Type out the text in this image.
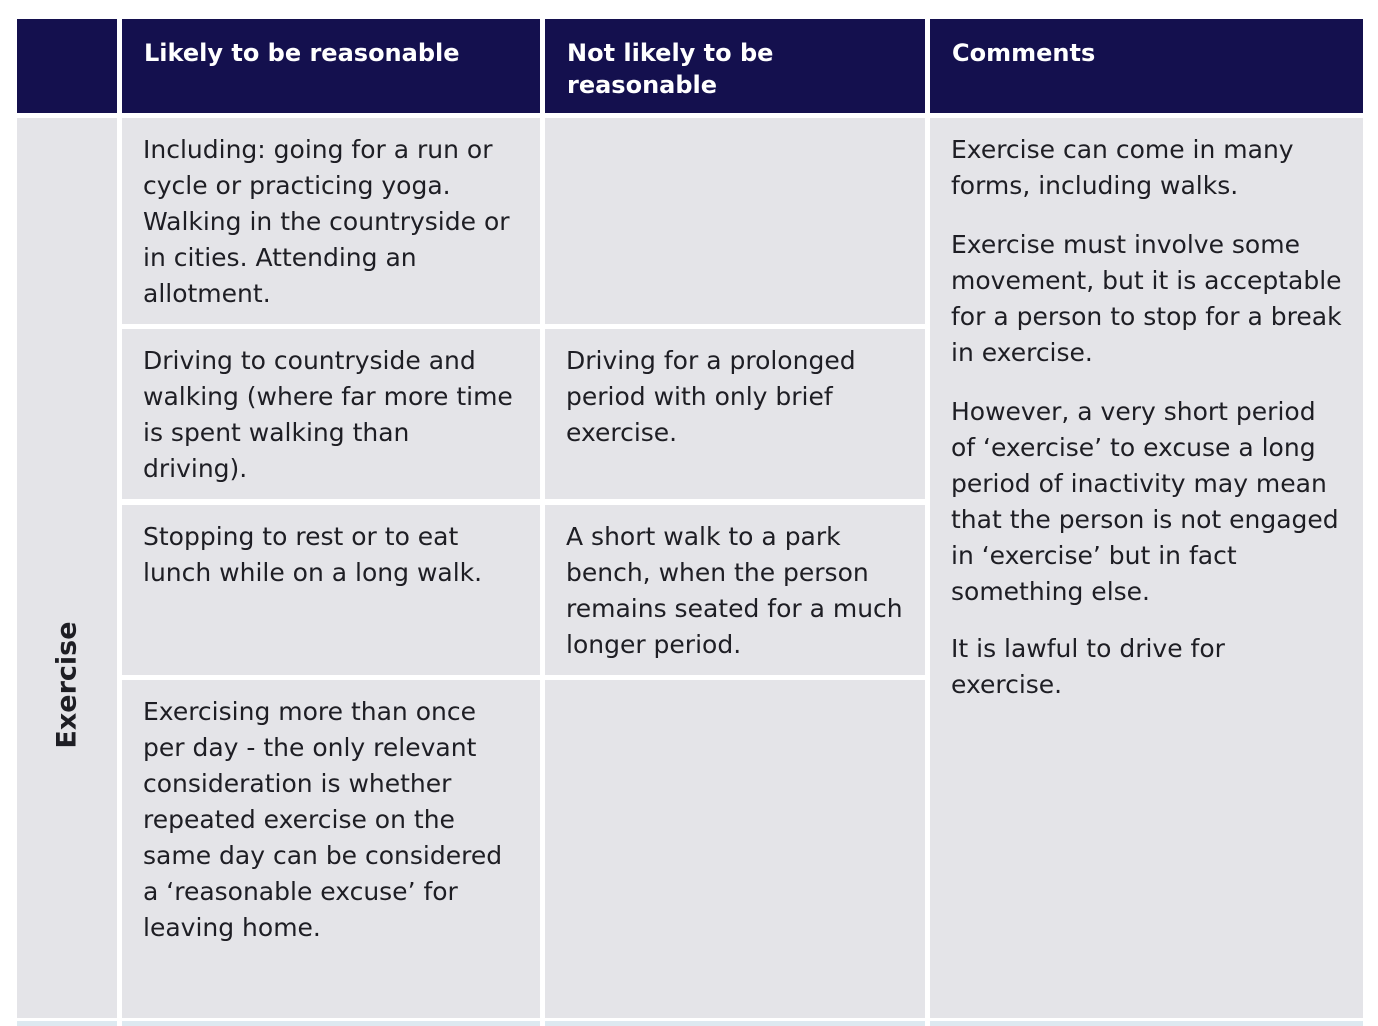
Likely to be reasonable	Not likely to be reasonable
Comments
Exercise
Including: going for a run or cycle or practicing yoga. Walking in the countryside or in cities. Attending an allotment.
Driving to countryside and walking (where far more time is spent walking than driving).
Stopping to rest or to eat lunch while on a long walk.
Exercising more than once per day - the only relevant consideration is whether repeated exercise on the same day can be considered a ‘reasonable excuse’ for leaving home.
Driving for a prolonged period with only brief exercise.
A short walk to a park bench, when the person remains seated for a much longer period.
Exercise can come in many forms, including walks.
Exercise must involve some movement, but it is acceptable for a person to stop for a break in exercise.
However, a very short period of ‘exercise’ to excuse a long period of inactivity may mean that the person is not engaged in ‘exercise’ but in fact something else.
It is lawful to drive for exercise.
